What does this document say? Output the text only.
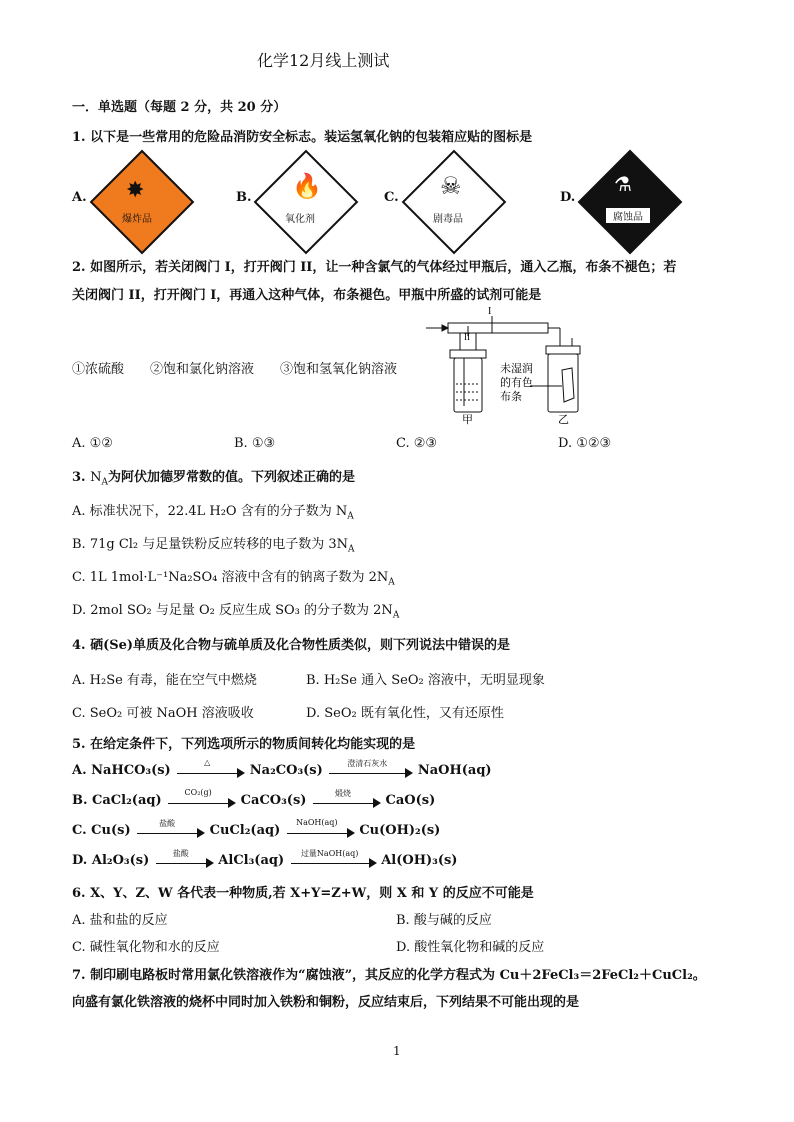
化学12月线上测试
一．单选题（每题 2 分，共 20 分）
1. 以下是一些常用的危险品消防安全标志。装运氢氧化钠的包装箱应贴的图标是
A. ✸
爆炸品
B. 🔥
氧化剂
C. ☠
剧毒品
D.
⚗
腐蚀品
2. 如图所示，若关闭阀门 I，打开阀门 II，让一种含氯气的气体经过甲瓶后，通入乙瓶，布条不褪色；若
关闭阀门 II，打开阀门 I，再通入这种气体，布条褪色。甲瓶中所盛的试剂可能是
①浓硫酸　　②饱和氯化钠溶液　　③饱和氢氧化钠溶液
I
II
甲	乙
未湿润
的有色
布条
A. ①②	B. ①③	C. ②③	D. ①②③
3. $N_A$为阿伏加德罗常数的值。下列叙述正确的是
A. 标准状况下，22.4L H₂O 含有的分子数为 $N_A$
B. 71g Cl₂ 与足量铁粉反应转移的电子数为 $3N_A$
C. 1L 1mol·L⁻¹Na₂SO₄ 溶液中含有的钠离子数为 $2N_A$
D. 2mol SO₂ 与足量 O₂ 反应生成 SO₃ 的分子数为 $2N_A$
4. 硒(Se)单质及化合物与硫单质及化合物性质类似，则下列说法中错误的是
A. H₂Se 有毒，能在空气中燃烧	B. H₂Se 通入 SeO₂ 溶液中，无明显现象
C. SeO₂ 可被 NaOH 溶液吸收	D. SeO₂ 既有氧化性，又有还原性
5. 在给定条件下，下列选项所示的物质间转化均能实现的是
A. NaHCO₃(s)
△
Na₂CO₃(s)	澄清石灰水	NaOH(aq)
B. CaCl₂(aq)
CO₂(g)
CaCO₃(s)	煅烧	CaO(s)
C. Cu(s)	盐酸	CuCl₂(aq)
NaOH(aq)
Cu(OH)₂(s)
D. Al₂O₃(s)	盐酸	AlCl₃(aq)	过量NaOH(aq)	Al(OH)₃(s)
6. X、Y、Z、W 各代表一种物质,若 X+Y=Z+W，则 X 和 Y 的反应不可能是
A. 盐和盐的反应	B. 酸与碱的反应
C. 碱性氧化物和水的反应	D. 酸性氧化物和碱的反应
7. 制印刷电路板时常用氯化铁溶液作为“腐蚀液”，其反应的化学方程式为 Cu＋2FeCl₃＝2FeCl₂＋CuCl₂。
向盛有氯化铁溶液的烧杯中同时加入铁粉和铜粉，反应结束后，下列结果不可能出现的是
1
